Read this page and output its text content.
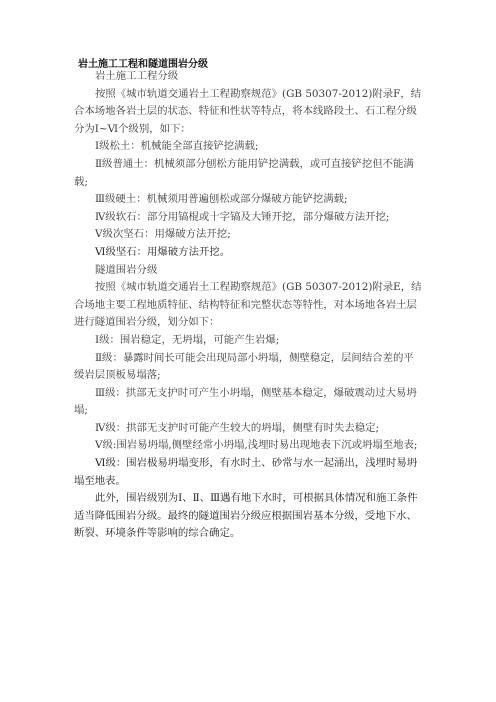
岩土施工工程和隧道围岩分级

岩土施工工程分级

按照《城市轨道交通岩土工程勘察规范》(GB 50307-2012)附录F，结合本场地各岩土层的状态、特征和性状等特点，将本线路段土、石工程分级分为Ⅰ~Ⅵ个级别，如下：

Ⅰ级松土：机械能全部直接铲挖满载;

Ⅱ级普通土：机械须部分刨松方能用铲挖满载，或可直接铲挖但不能满载;

Ⅲ级硬土：机械须用普遍刨松或部分爆破方能铲挖满载;

Ⅳ级软石：部分用镐棍或十字镐及大锤开挖，部分爆破方法开挖;

Ⅴ级次坚石：用爆破方法开挖;

Ⅵ级坚石：用爆破方法开挖。

隧道围岩分级

按照《城市轨道交通岩土工程勘察规范》(GB 50307-2012)附录E，结合场地主要工程地质特征、结构特征和完整状态等特性，对本场地各岩土层进行隧道围岩分级，划分如下：

Ⅰ级：围岩稳定，无坍塌，可能产生岩爆;

Ⅱ级：暴露时间长可能会出现局部小坍塌，侧壁稳定，层间结合差的平缓岩层顶板易塌落;

Ⅲ级：拱部无支护时可产生小坍塌，侧壁基本稳定，爆破震动过大易坍塌;

Ⅳ级：拱部无支护时可能产生较大的坍塌，侧壁有时失去稳定;

Ⅴ级:围岩易坍塌,侧壁经常小坍塌,浅埋时易出现地表下沉或坍塌至地表;

Ⅵ级：围岩极易坍塌变形，有水时土、砂常与水一起涌出，浅埋时易坍塌至地表。

此外，围岩级别为Ⅰ、Ⅱ、Ⅲ遇有地下水时，可根据具体情况和施工条件适当降低围岩分级。最终的隧道围岩分级应根据围岩基本分级，受地下水、断裂、环境条件等影响的综合确定。
